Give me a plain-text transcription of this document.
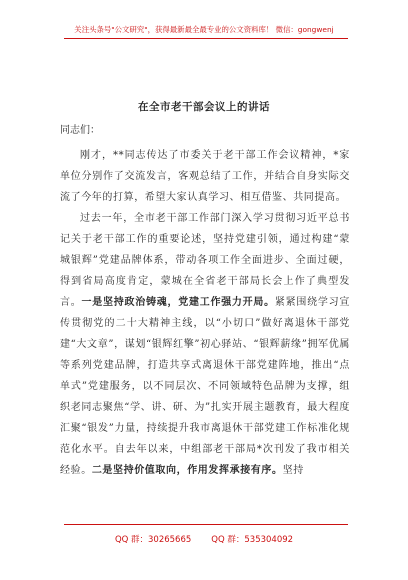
关注头条号"公文研究"，获得最新最全最专业的公文资料库！ 微信：gongwenj
在全市老干部会议上的讲话
同志们：
刚才，**同志传达了市委关于老干部工作会议精神，*家单位分别作了交流发言，客观总结了工作，并结合自身实际交流了今年的打算，希望大家认真学习、相互借鉴、共同提高。
过去一年，全市老干部工作部门深入学习贯彻习近平总书记关于老干部工作的重要论述，坚持党建引领，通过构建“蒙城银辉”党建品牌体系，带动各项工作全面进步、全面过硬，得到省局高度肯定，蒙城在全省老干部局长会上作了典型发言。一是坚持政治铸魂，党建工作强力开局。紧紧围绕学习宣传贯彻党的二十大精神主线，以“小切口”做好离退休干部党建“大文章”，谋划“银辉红擎”初心驿站、“银辉薪缘”拥军优属等系列党建品牌，打造共享式离退休干部党建阵地，推出“点单式”党建服务，以不同层次、不同领域特色品牌为支撑，组织老同志聚焦“学、讲、研、为”扎实开展主题教育，最大程度汇聚“银发”力量，持续提升我市离退休干部党建工作标准化规范化水平。自去年以来，中组部老干部局*次刊发了我市相关经验。二是坚持价值取向，作用发挥承接有序。坚持
QQ 群：30265665 QQ 群：535304092
